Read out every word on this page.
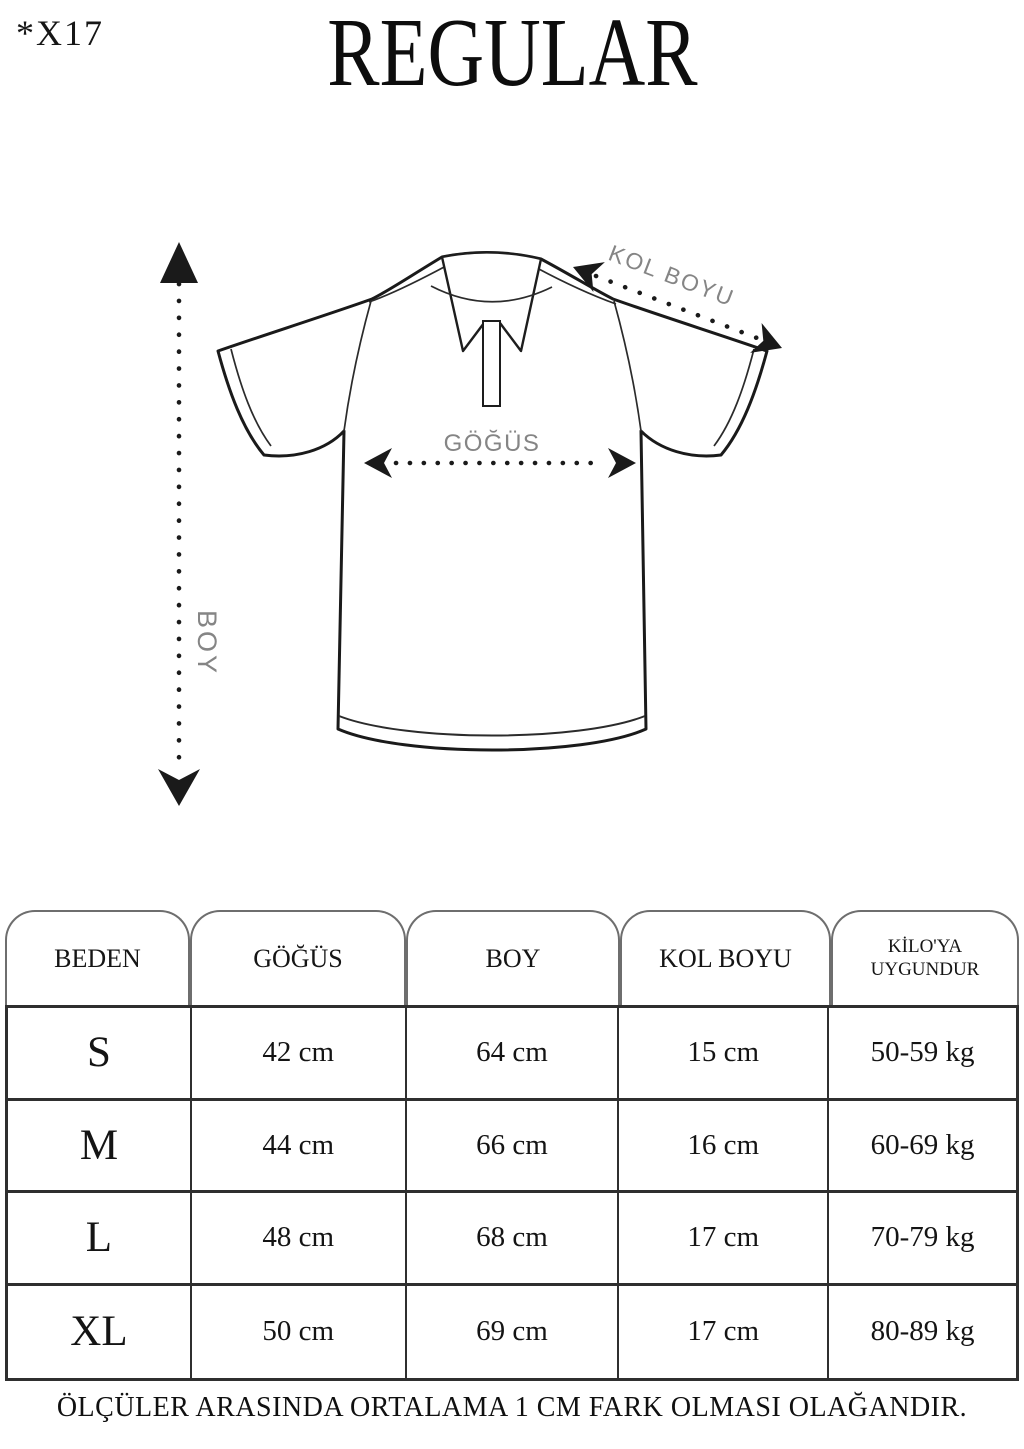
*X17	REGULAR
BOY
GÖĞÜS
KOL BOYU
BEDEN	GÖĞÜS	BOY	KOL BOYU	KİLO'YA UYGUNDUR
S	42 cm	64 cm	15 cm	50-59 kg
M	44 cm	66 cm	16 cm	60-69 kg
L	48 cm	68 cm	17 cm	70-79 kg
XL	50 cm	69 cm	17 cm	80-89 kg
ÖLÇÜLER ARASINDA ORTALAMA 1 CM FARK OLMASI OLAĞANDIR.
